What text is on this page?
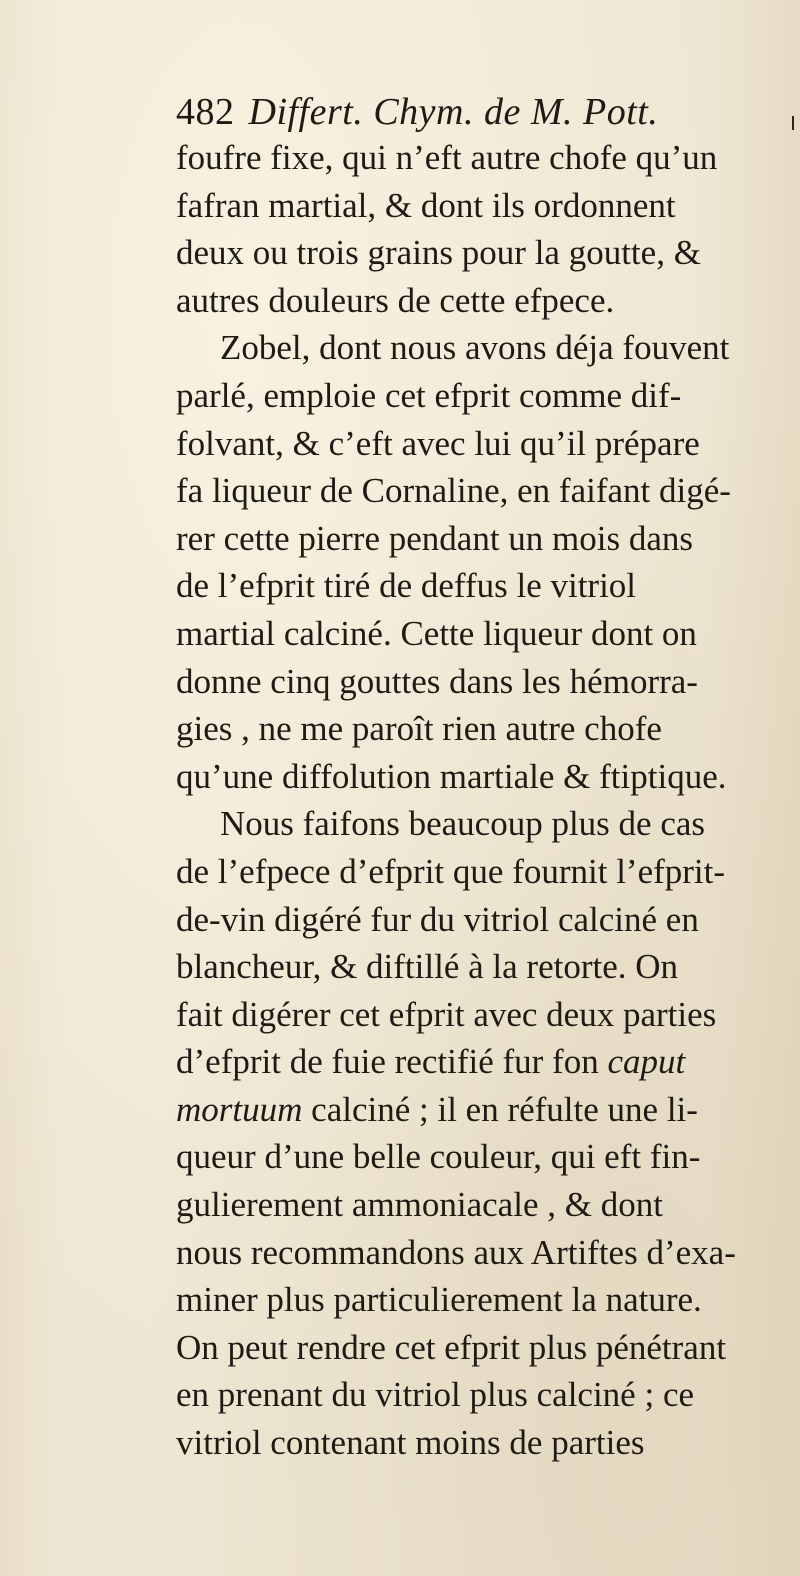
482 Differt. Chym. de M. Pott.
foufre fixe, qui n’eft autre chofe qu’un
fafran martial, & dont ils ordonnent
deux ou trois grains pour la goutte, &
autres douleurs de cette efpece.
Zobel, dont nous avons déja fouvent
parlé, emploie cet efprit comme dif-
folvant, & c’eft avec lui qu’il prépare
fa liqueur de Cornaline, en faifant digé-
rer cette pierre pendant un mois dans
de l’efprit tiré de deffus le vitriol
martial calciné. Cette liqueur dont on
donne cinq gouttes dans les hémorra-
gies , ne me paroît rien autre chofe
qu’une diffolution martiale & ftiptique.
Nous faifons beaucoup plus de cas
de l’efpece d’efprit que fournit l’efprit-
de-vin digéré fur du vitriol calciné en
blancheur, & diftillé à la retorte. On
fait digérer cet efprit avec deux parties
d’efprit de fuie rectifié fur fon caput
mortuum calciné ; il en réfulte une li-
queur d’une belle couleur, qui eft fin-
gulierement ammoniacale , & dont
nous recommandons aux Artiftes d’exa-
miner plus particulierement la nature.
On peut rendre cet efprit plus pénétrant
en prenant du vitriol plus calciné ; ce
vitriol contenant moins de parties
